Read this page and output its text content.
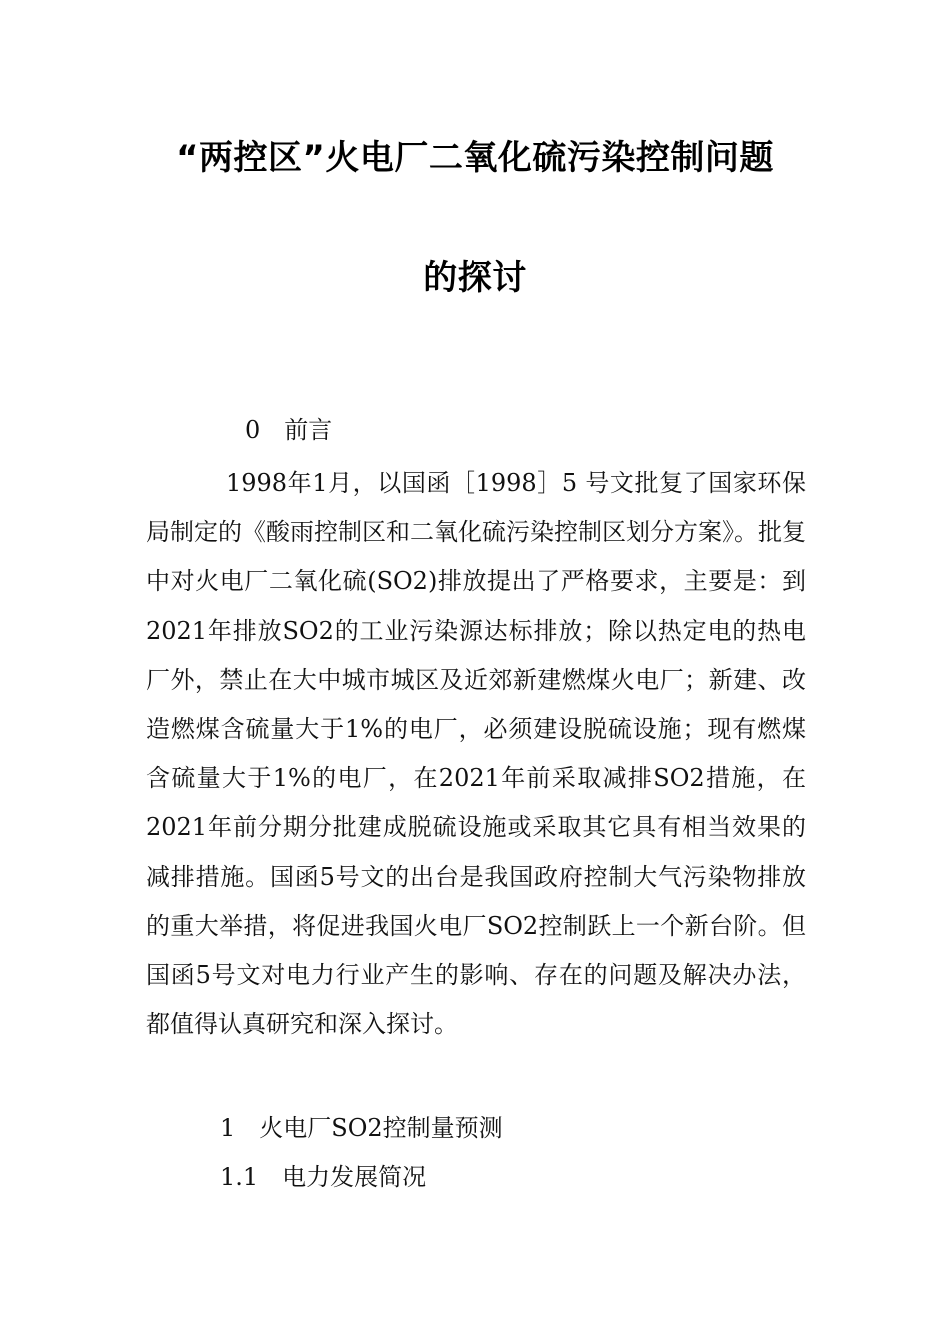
“两控区”火电厂二氧化硫污染控制问题
的探讨
0 前言

1998年1月，以国函［1998］5 号文批复了国家环保局制定的《酸雨控制区和二氧化硫污染控制区划分方案》。批复中对火电厂二氧化硫(SO2)排放提出了严格要求，主要是：到2021年排放SO2的工业污染源达标排放；除以热定电的热电厂外，禁止在大中城市城区及近郊新建燃煤火电厂；新建、改造燃煤含硫量大于1%的电厂，必须建设脱硫设施；现有燃煤含硫量大于1%的电厂，在2021年前采取减排SO2措施，在2021年前分期分批建成脱硫设施或采取其它具有相当效果的减排措施。国函5号文的出台是我国政府控制大气污染物排放的重大举措，将促进我国火电厂SO2控制跃上一个新台阶。但国函5号文对电力行业产生的影响、存在的问题及解决办法，都值得认真研究和深入探讨。

1 火电厂SO2控制量预测
1.1 电力发展简况
